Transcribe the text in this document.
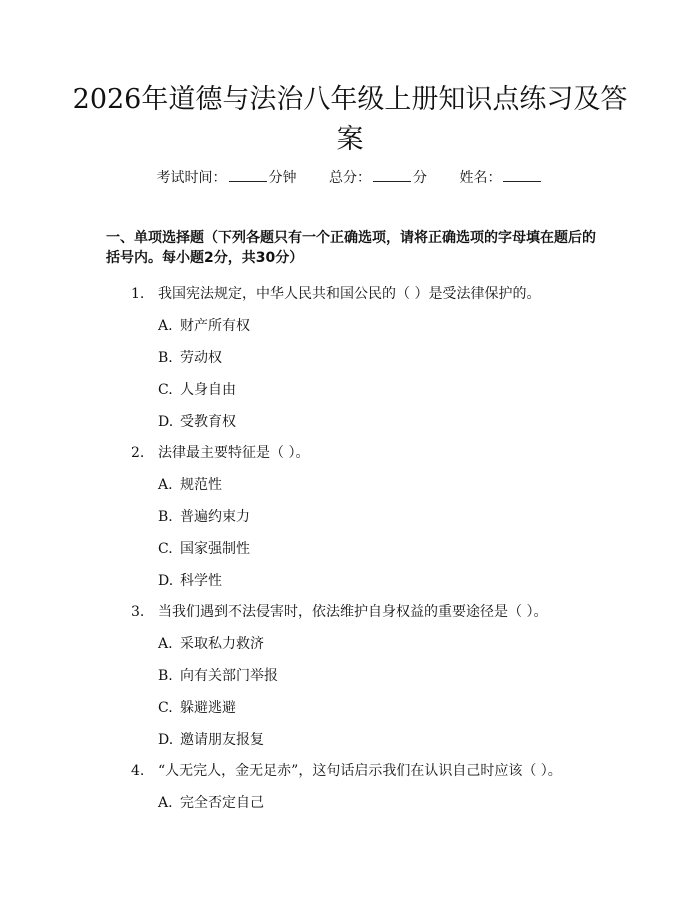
2026年道德与法治八年级上册知识点练习及答案
考试时间：	分钟 总分：	分 姓名：
一、单项选择题（下列各题只有一个正确选项，请将正确选项的字母填在题后的括号内。每小题2分，共30分）
1. 我国宪法规定，中华人民共和国公民的（ ）是受法律保护的。
A. 财产所有权
B. 劳动权
C. 人身自由
D. 受教育权
2. 法律最主要特征是（ ）。
A. 规范性
B. 普遍约束力
C. 国家强制性
D. 科学性
3. 当我们遇到不法侵害时，依法维护自身权益的重要途径是（ ）。
A. 采取私力救济
B. 向有关部门举报
C. 躲避逃避
D. 邀请朋友报复
4. “人无完人，金无足赤”，这句话启示我们在认识自己时应该（ ）。
A. 完全否定自己
